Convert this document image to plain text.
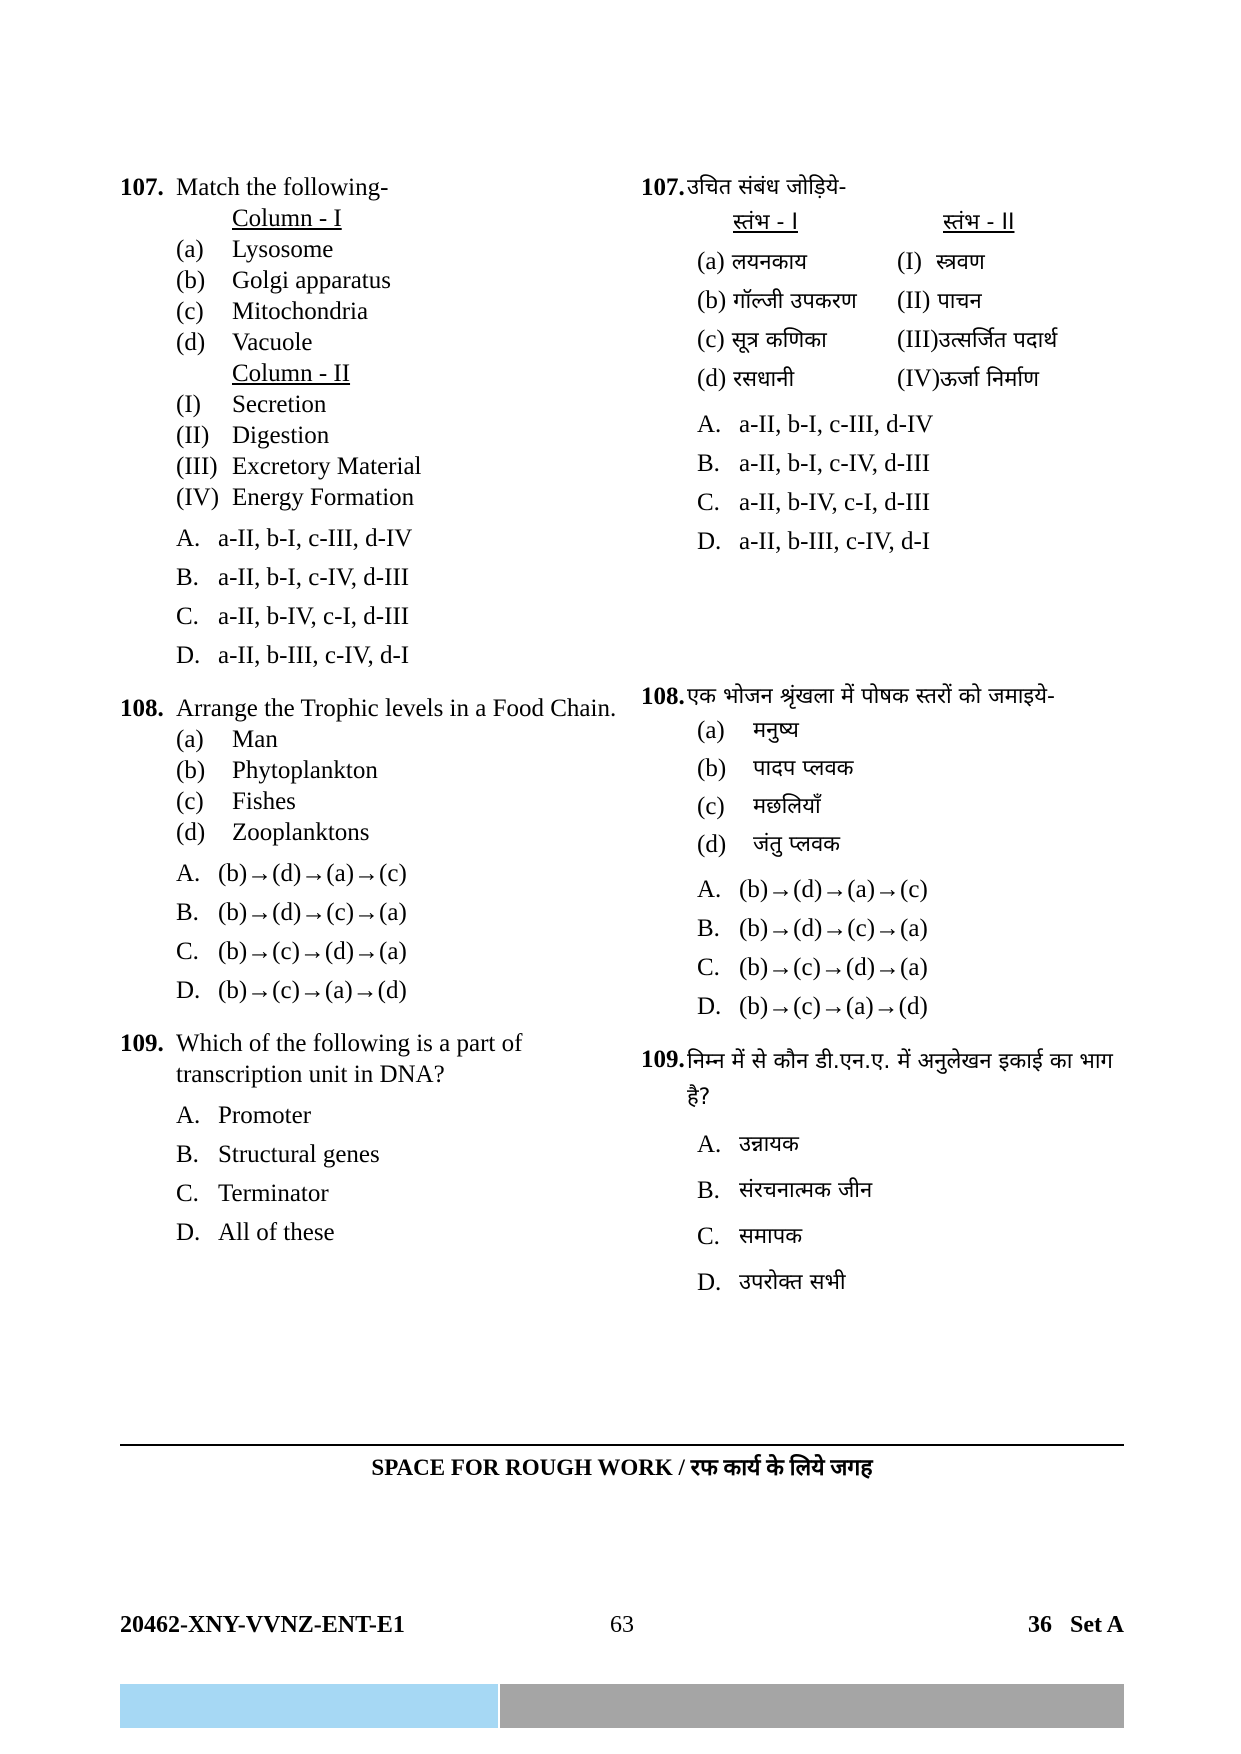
107. Match the following-
Column - I
(a)	Lysosome
(b)	Golgi apparatus
(c)	Mitochondria
(d)	Vacuole
Column - II
(I)	Secretion
(II) Digestion
(III) Excretory Material
(IV) Energy Formation
A. a-II, b-I, c-III, d-IV
B. a-II, b-I, c-IV, d-III
C. a-II, b-IV, c-I, d-III
D. a-II, b-III, c-IV, d-I
108. Arrange the Trophic levels in a Food Chain.
(a)	Man
(b)	Phytoplankton
(c)	Fishes
(d)	Zooplanktons
A. (b)→(d)→(a)→(c)
B. (b)→(d)→(c)→(a)
C. (b)→(c)→(d)→(a)
D. (b)→(c)→(a)→(d)
109. Which of the following is a part of transcription unit in DNA?
A. Promoter
B. Structural genes
C. Terminator
D. All of these
107. उचित संबंध जोड़िये-
स्तंभ - I	स्तंभ - II
(a) लयनकाय	(I) स्त्रवण
(b) गॉल्जी उपकरण	(II) पाचन
(c) सूत्र कणिका	(III)उत्सर्जित पदार्थ
(d) रसधानी	(IV)ऊर्जा निर्माण
A. a-II, b-I, c-III, d-IV
B. a-II, b-I, c-IV, d-III
C. a-II, b-IV, c-I, d-III
D. a-II, b-III, c-IV, d-I
108. एक भोजन श्रृंखला में पोषक स्तरों को जमाइये-
(a)	मनुष्य
(b)	पादप प्लवक
(c)	मछलियाँ
(d)	जंतु प्लवक
A. (b)→(d)→(a)→(c)
B. (b)→(d)→(c)→(a)
C. (b)→(c)→(d)→(a)
D. (b)→(c)→(a)→(d)
109. निम्न में से कौन डी.एन.ए. में अनुलेखन इकाई का भाग है?
A. उन्नायक
B. संरचनात्मक जीन
C. समापक
D. उपरोक्त सभी
SPACE FOR ROUGH WORK / रफ कार्य के लिये जगह
20462-XNY-VVNZ-ENT-E1	63	36   Set A
